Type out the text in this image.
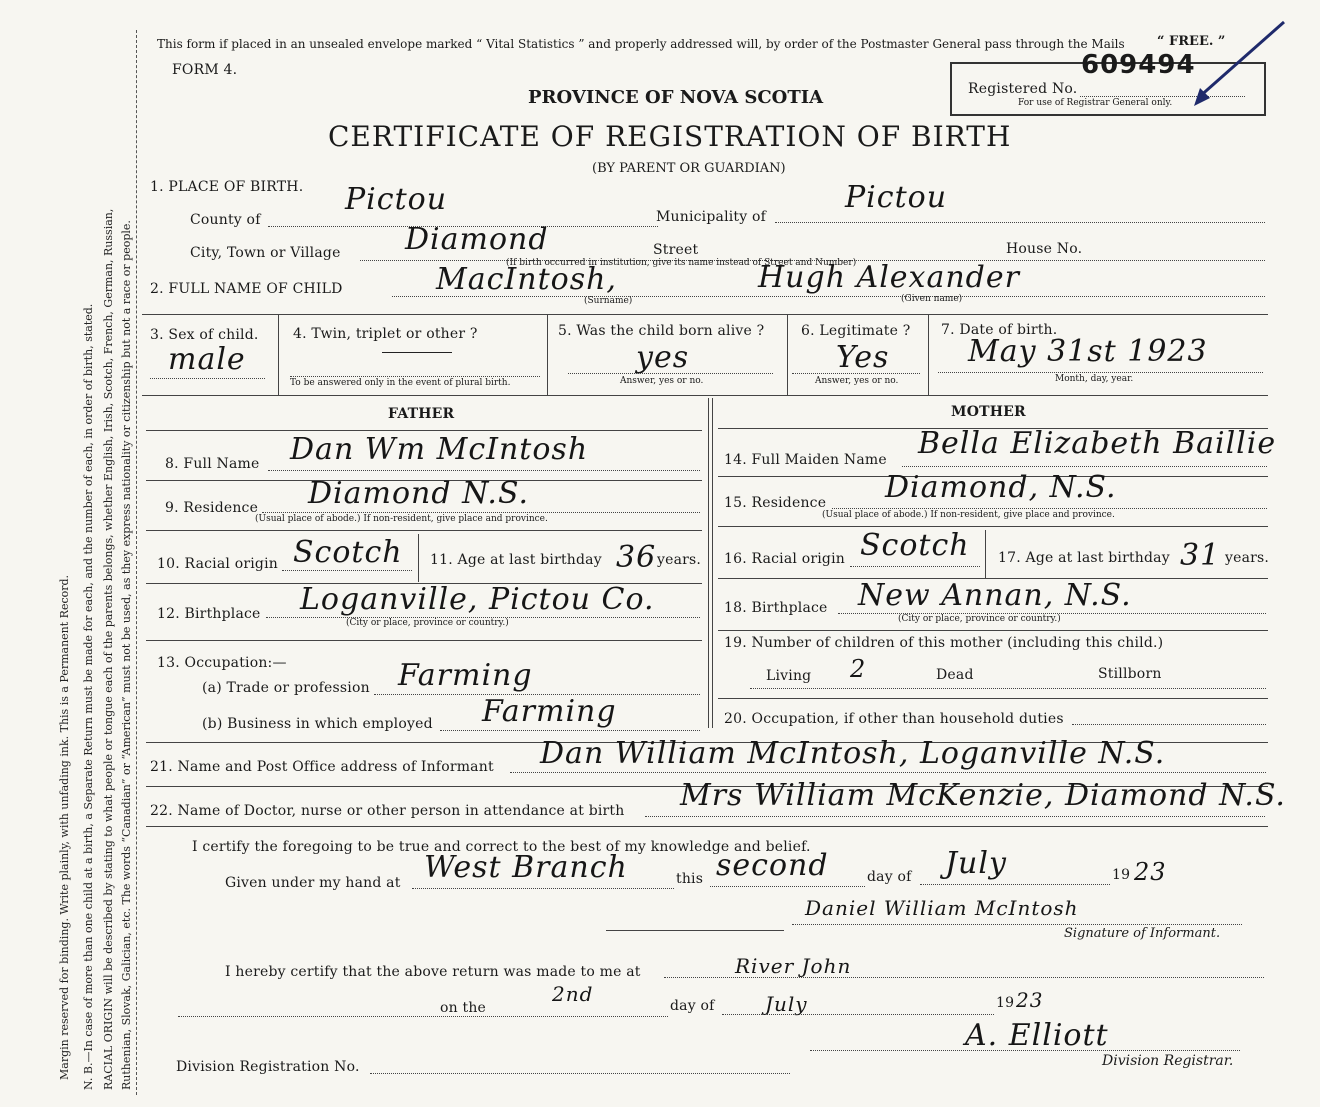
Margin reserved for binding. Write plainly, with unfading ink. This is a Permanent Record. N. B.—In case of more than one child at a birth, a Separate Return must be made for each, and the number of each, in order of birth, stated. RACIAL ORIGIN will be described by stating to what people or tongue each of the parents belongs, whether English, Irish, Scotch, French, German, Russian, Ruthenian, Slovak, Galician, etc. The words “Canadian” or “American” must not be used, as they express nationality or citizenship but not a race or people.
This form if placed in an unsealed envelope marked “ Vital Statistics ” and properly addressed will, by order of the Postmaster General pass through the Mails “ FREE. ”
FORM 4.
PROVINCE OF NOVA SCOTIA
CERTIFICATE OF REGISTRATION OF BIRTH
(BY PARENT OR GUARDIAN)
609494
Registered No.
For use of Registrar General only.
1. PLACE OF BIRTH.
County of
Pictou	Municipality of
Pictou
City, Town or Village Diamond	Street	House No.
(If birth occurred in institution, give its name instead of Street and Number)
2. FULL NAME OF CHILD	MacIntosh,	Hugh Alexander
(Surname)	(Given name)
3. Sex of child.
male
4. Twin, triplet or other ?
To be answered only in the event of plural birth.
5. Was the child born alive ?
yes
Answer, yes or no.
6. Legitimate ?
Yes
Answer, yes or no.
7. Date of birth.
May 31st 1923
Month, day, year.
FATHER	MOTHER
8. Full Name Dan Wm McIntosh
9. Residence Diamond N.S.
(Usual place of abode.) If non-resident, give place and province.
10. Racial origin Scotch 11. Age at last birthday 36 years.
12. Birthplace Loganville, Pictou Co.
(City or place, province or country.)
13. Occupation:—
(a) Trade or profession Farming
(b) Business in which employed Farming
14. Full Maiden Name Bella Elizabeth Baillie
15. Residence Diamond, N.S.
(Usual place of abode.) If non-resident, give place and province.
16. Racial origin Scotch 17. Age at last birthday 31 years.
18. Birthplace New Annan, N.S.
(City or place, province or country.)
19. Number of children of this mother (including this child.)
Living 2	Dead	Stillborn
20. Occupation, if other than household duties
21. Name and Post Office address of Informant Dan William McIntosh, Loganville N.S.
22. Name of Doctor, nurse or other person in attendance at birth Mrs William McKenzie, Diamond N.S.
I certify the foregoing to be true and correct to the best of my knowledge and belief.
Given under my hand at West Branch	this second	day of July	19 23
Daniel William McIntosh
Signature of Informant.
I hereby certify that the above return was made to me at	River John
on the
2nd	day of	July	19 23
A. Elliott
Division Registrar.
Division Registration No.
